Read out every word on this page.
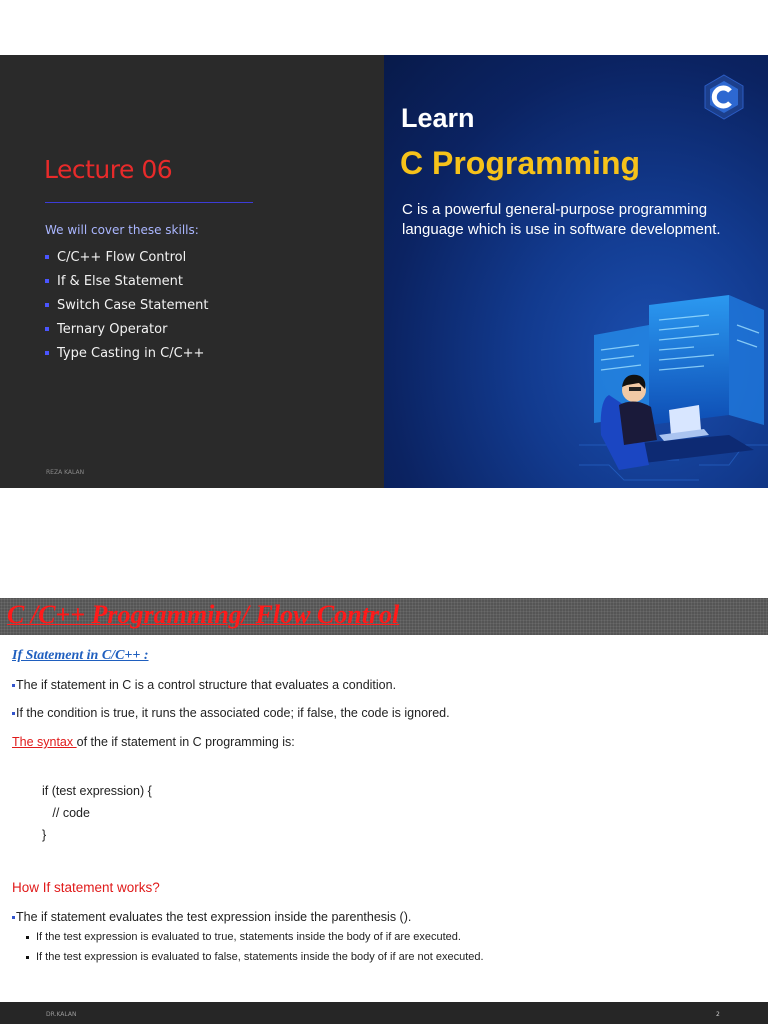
Lecture 06
We will cover these skills:
C/C++ Flow Control
If & Else Statement
Switch Case Statement
Ternary Operator
Type Casting in C/C++
REZA KALAN
Learn
C Programming
C is a powerful general-purpose programming language which is use in software development.
C /C++ Programming/ Flow Control
If Statement in C/C++ :
The if statement in C is a control structure that evaluates a condition.
If the condition is true, it runs the associated code; if false, the code is ignored.
The syntax of the if statement in C programming is:
if (test expression) {
// code
}
How If statement works?
The if statement evaluates the test expression inside the parenthesis ().
If the test expression is evaluated to true, statements inside the body of if are executed.
If the test expression is evaluated to false, statements inside the body of if are not executed.
DR.KALAN	2
